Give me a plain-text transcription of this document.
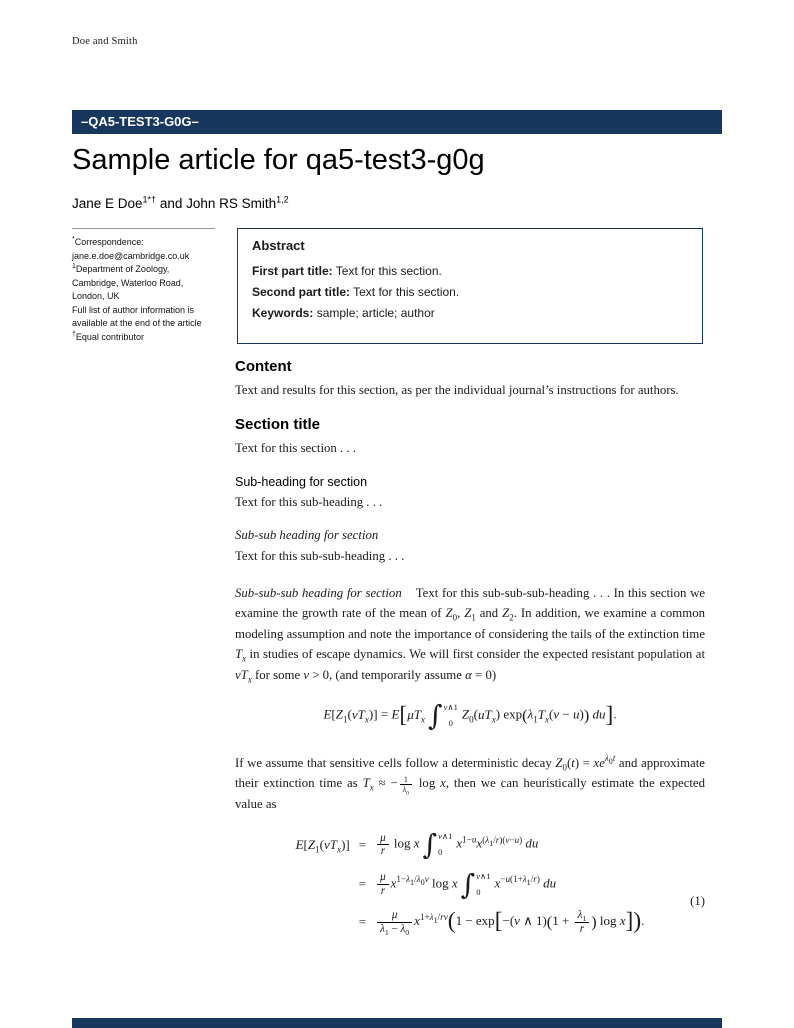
Doe and Smith
–QA5-TEST3-G0G–
Sample article for qa5-test3-g0g
Jane E Doe$^{1*\dagger}$ and John RS Smith$^{1,2}$
*Correspondence:
jane.e.doe@cambridge.co.uk
$^1$Department of Zoology,
Cambridge, Waterloo Road,
London, UK
Full list of author information is
available at the end of the article
†Equal contributor
Abstract
First part title: Text for this section.
Second part title: Text for this section.
Keywords: sample; article; author
Content

Text and results for this section, as per the individual journal’s instructions for authors.

Section title

Text for this section . . .

Sub-heading for section

Text for this sub-heading . . .

Sub-sub heading for section

Text for this sub-sub-heading . . .

Sub-sub-sub heading for section Text for this sub-sub-sub-heading . . . In this section we examine the growth rate of the mean of $Z_0$, $Z_1$ and $Z_2$. In addition, we examine a common modeling assumption and note the importance of considering the tails of the extinction time $T_x$ in studies of escape dynamics. We will first consider the expected resistant population at $vT_x$ for some v > 0, (and temporarily assume α = 0)

$E[Z_1(vT_x)] = E[\mu T_x$ ∫ v∧1
0
$Z_0(uT_x) \exp(\lambda_1T_x(v - u))$ du].

If we assume that sensitive cells follow a deterministic decay $Z_0(t) = xe^{\lambda_0t}$ and approximate their extinction time as $T_x$ ≈ − $\frac{1}{\lambda_0}$ log x, then we can heuristically estimate the expected value as

$E[Z_1(vT_x)] = \frac{\mu}{r}$ log x ∫ v∧1
0
$x^{1-u}x^{(\lambda_1/r)(v-u)}$ du
= $\frac{\mu}{r} x^{1-\lambda_1/\lambda_0v}$ log x ∫ v∧1
0
$x^{-u(1+\lambda_1/r)}$ du
= $\frac{\mu}{\lambda_1 - \lambda_0} x^{1+\lambda_1/rv}(1 - \exp[-(v$ ∧ $1)(1 + \frac{\lambda_1}{r}$ ) log x]).
(1)
